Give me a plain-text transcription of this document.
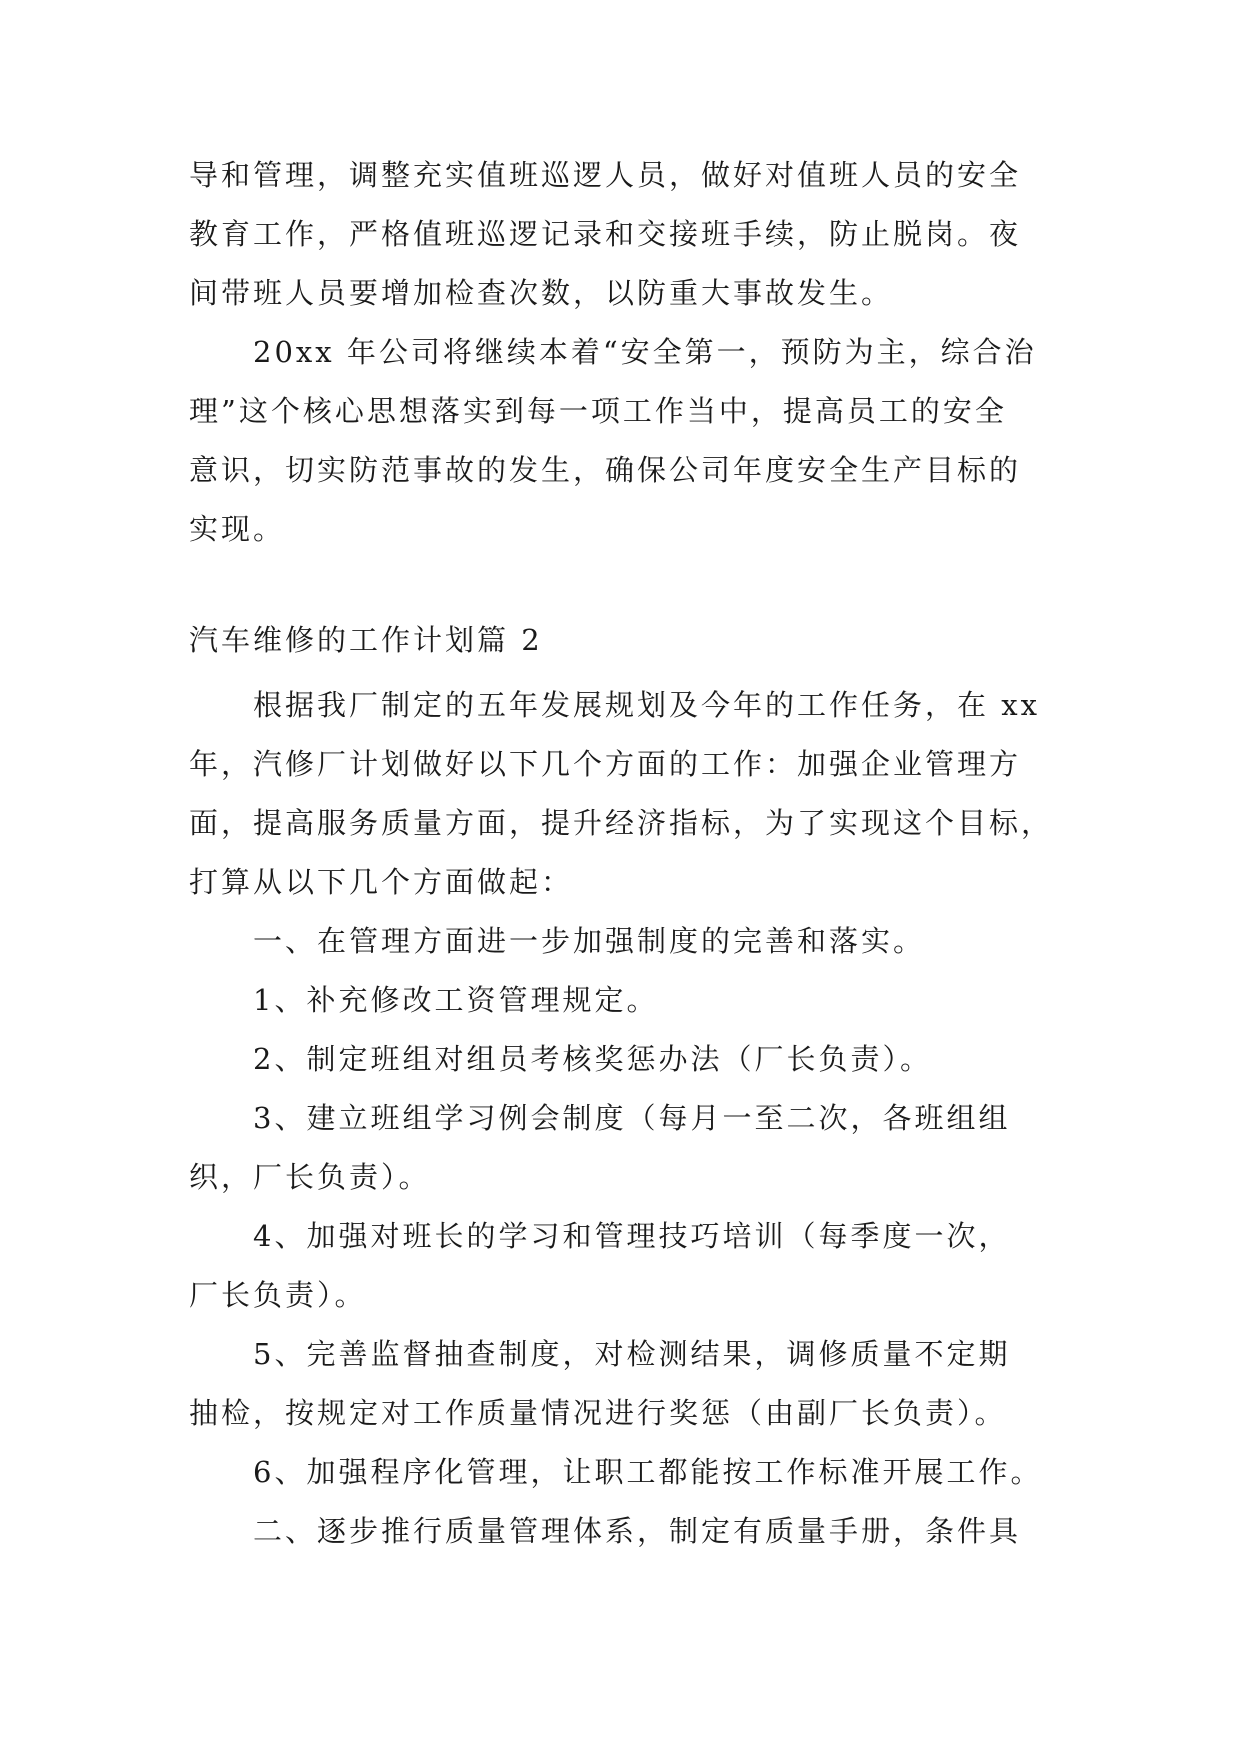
导和管理，调整充实值班巡逻人员，做好对值班人员的安全
教育工作，严格值班巡逻记录和交接班手续，防止脱岗。夜
间带班人员要增加检查次数，以防重大事故发生。
20xx 年公司将继续本着“安全第一，预防为主，综合治
理”这个核心思想落实到每一项工作当中，提高员工的安全
意识，切实防范事故的发生，确保公司年度安全生产目标的
实现。
汽车维修的工作计划篇 2
根据我厂制定的五年发展规划及今年的工作任务，在 xx
年，汽修厂计划做好以下几个方面的工作：加强企业管理方
面，提高服务质量方面，提升经济指标，为了实现这个目标，
打算从以下几个方面做起：
一、在管理方面进一步加强制度的完善和落实。
1、补充修改工资管理规定。
2、制定班组对组员考核奖惩办法（厂长负责）。
3、建立班组学习例会制度（每月一至二次，各班组组
织，厂长负责）。
4、加强对班长的学习和管理技巧培训（每季度一次，
厂长负责）。
5、完善监督抽查制度，对检测结果，调修质量不定期
抽检，按规定对工作质量情况进行奖惩（由副厂长负责）。
6、加强程序化管理，让职工都能按工作标准开展工作。
二、逐步推行质量管理体系，制定有质量手册，条件具
